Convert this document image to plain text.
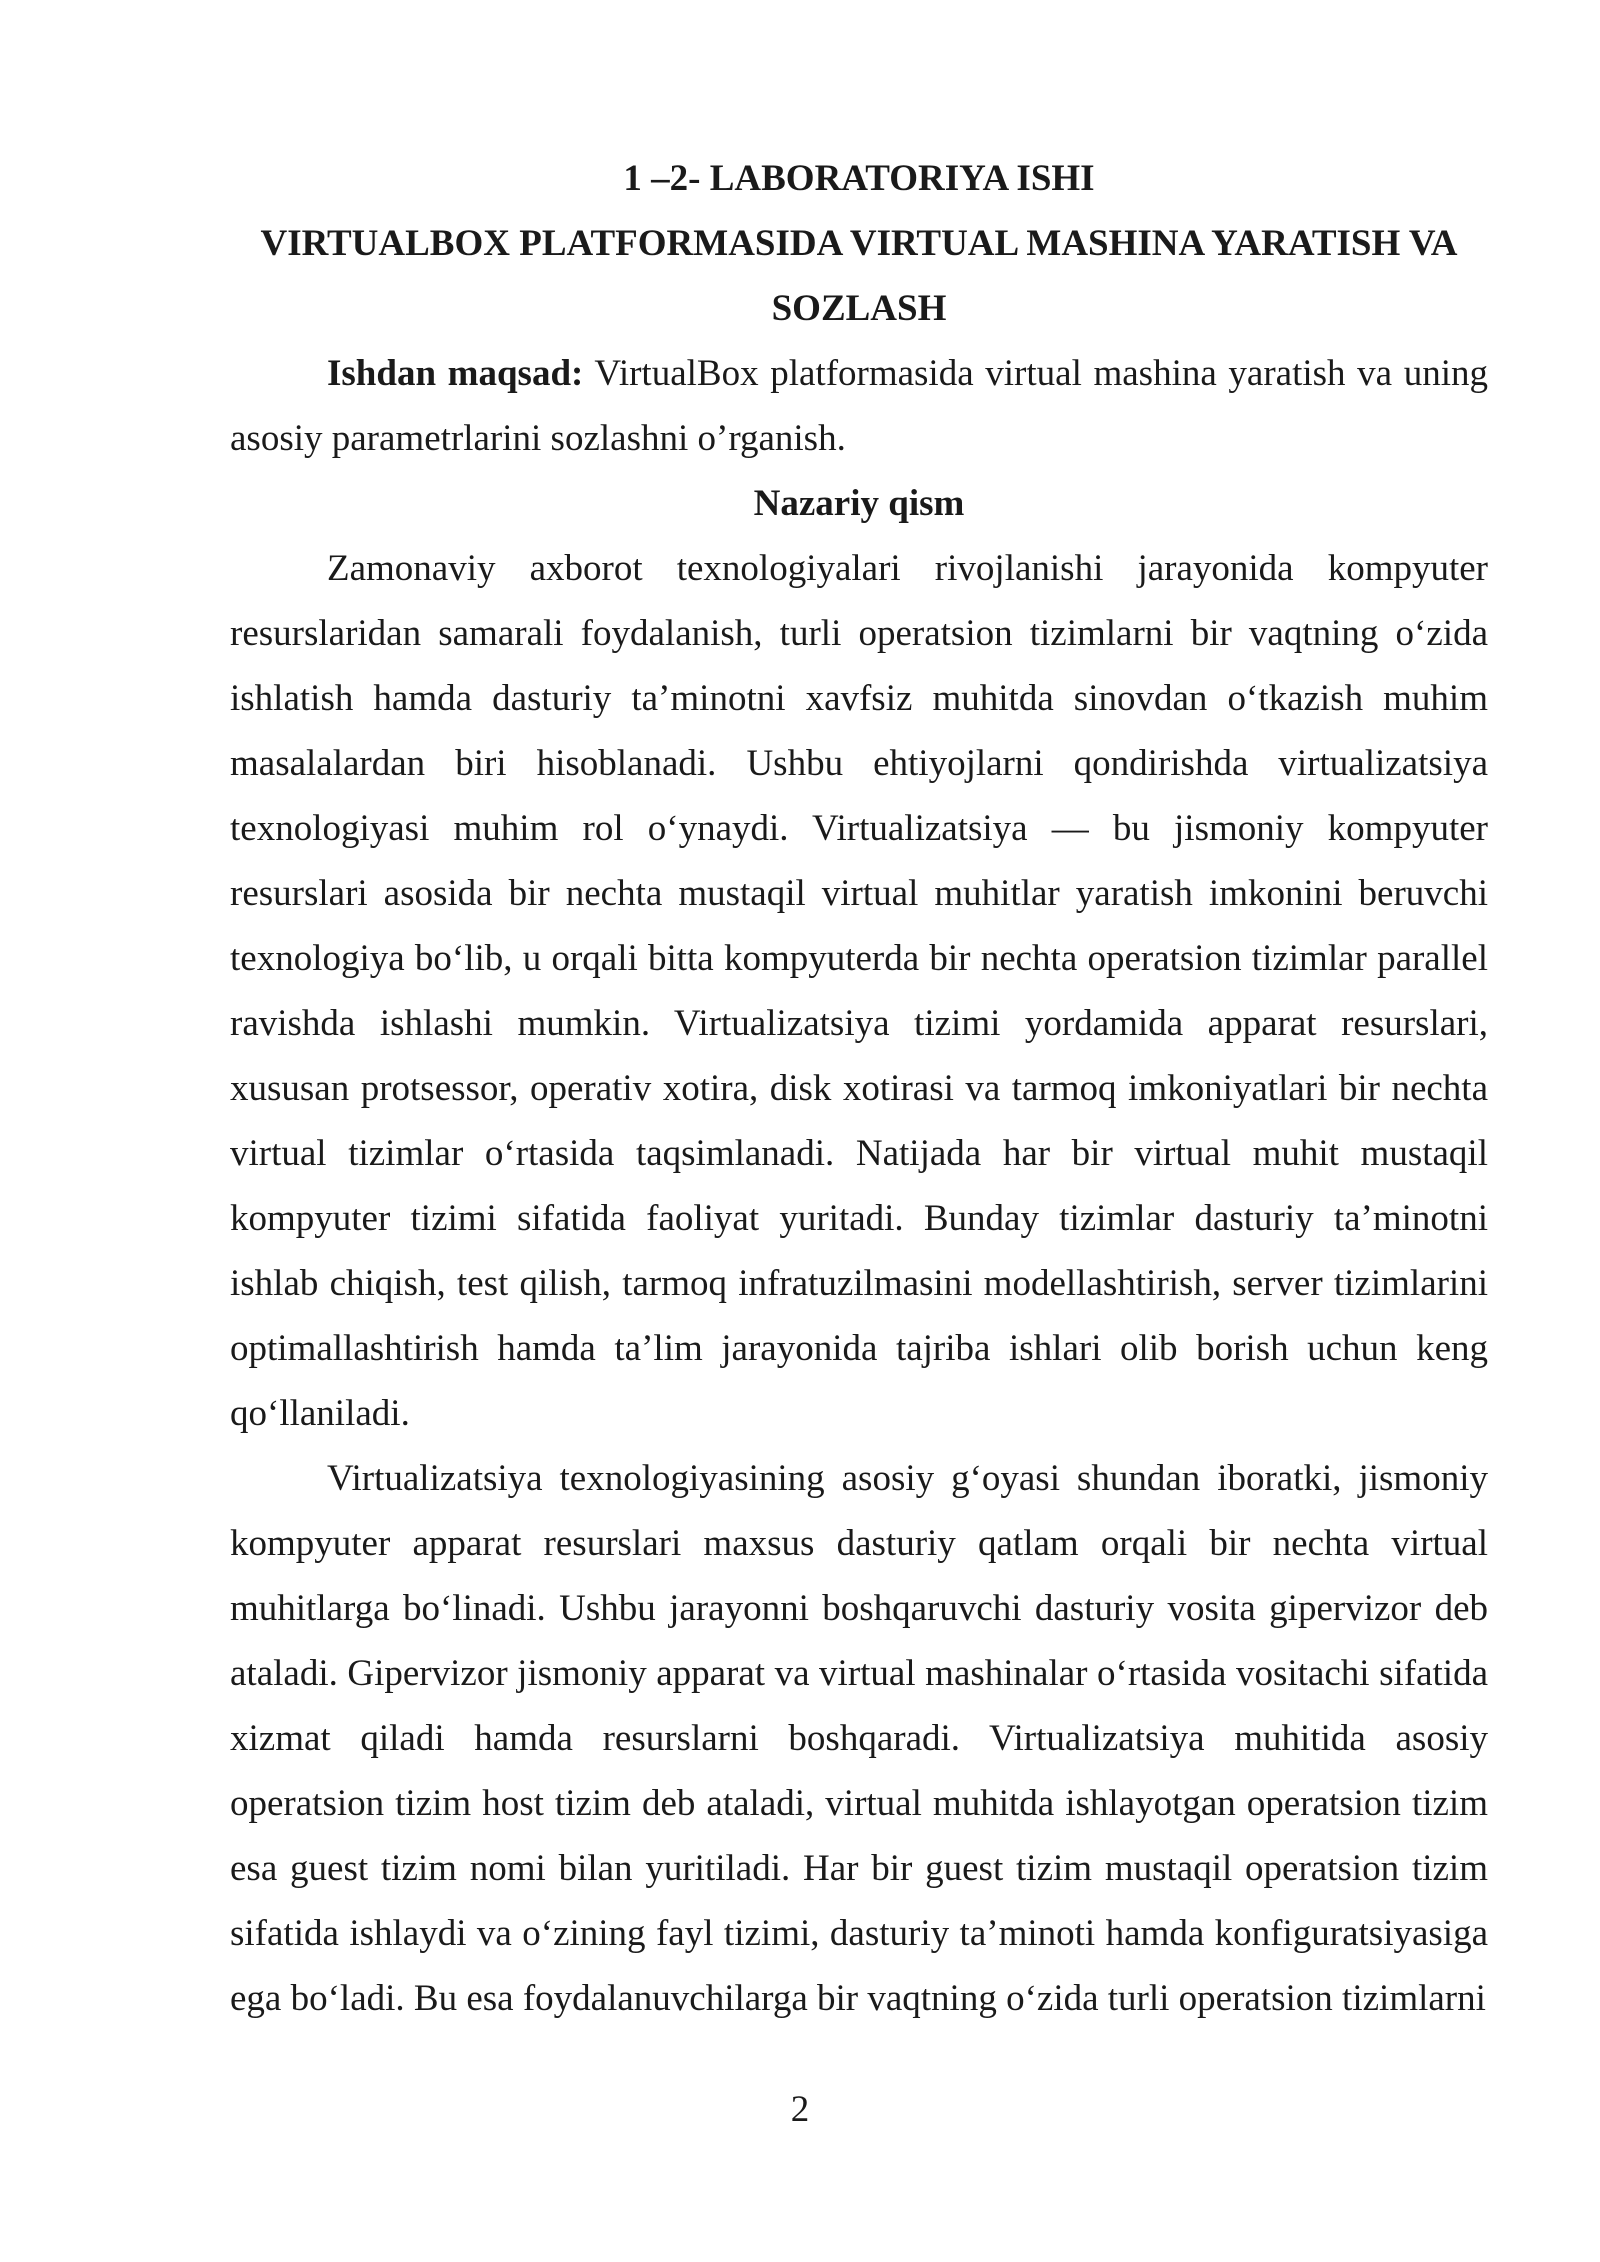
1 –2- LABORATORIYA ISHI

VIRTUALBOX PLATFORMASIDA VIRTUAL MASHINA YARATISH VA SOZLASH

Ishdan maqsad: VirtualBox platformasida virtual mashina yaratish va uning asosiy parametrlarini sozlashni o’rganish.

Nazariy qism

Zamonaviy axborot texnologiyalari rivojlanishi jarayonida kompyuter resurslaridan samarali foydalanish, turli operatsion tizimlarni bir vaqtning o‘zida ishlatish hamda dasturiy ta’minotni xavfsiz muhitda sinovdan o‘tkazish muhim masalalardan biri hisoblanadi. Ushbu ehtiyojlarni qondirishda virtualizatsiya texnologiyasi muhim rol o‘ynaydi. Virtualizatsiya — bu jismoniy kompyuter resurslari asosida bir nechta mustaqil virtual muhitlar yaratish imkonini beruvchi texnologiya bo‘lib, u orqali bitta kompyuterda bir nechta operatsion tizimlar parallel ravishda ishlashi mumkin. Virtualizatsiya tizimi yordamida apparat resurslari, xususan protsessor, operativ xotira, disk xotirasi va tarmoq imkoniyatlari bir nechta virtual tizimlar o‘rtasida taqsimlanadi. Natijada har bir virtual muhit mustaqil kompyuter tizimi sifatida faoliyat yuritadi. Bunday tizimlar dasturiy ta’minotni ishlab chiqish, test qilish, tarmoq infratuzilmasini modellashtirish, server tizimlarini optimallashtirish hamda ta’lim jarayonida tajriba ishlari olib borish uchun keng qo‘llaniladi.

Virtualizatsiya texnologiyasining asosiy g‘oyasi shundan iboratki, jismoniy kompyuter apparat resurslari maxsus dasturiy qatlam orqali bir nechta virtual muhitlarga bo‘linadi. Ushbu jarayonni boshqaruvchi dasturiy vosita gipervizor deb ataladi. Gipervizor jismoniy apparat va virtual mashinalar o‘rtasida vositachi sifatida xizmat qiladi hamda resurslarni boshqaradi. Virtualizatsiya muhitida asosiy operatsion tizim host tizim deb ataladi, virtual muhitda ishlayotgan operatsion tizim esa guest tizim nomi bilan yuritiladi. Har bir guest tizim mustaqil operatsion tizim sifatida ishlaydi va o‘zining fayl tizimi, dasturiy ta’minoti hamda konfiguratsiyasiga ega bo‘ladi. Bu esa foydalanuvchilarga bir vaqtning o‘zida turli operatsion tizimlarni

2
